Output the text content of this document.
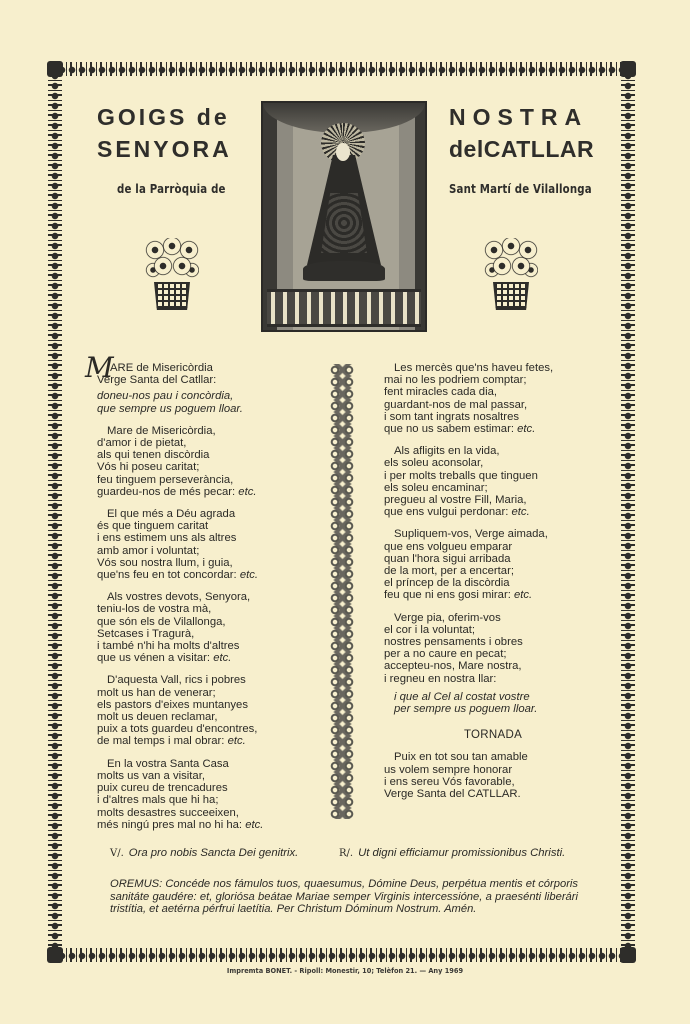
GOIGS de
SENYORA
NOSTRA
delCATLLAR
de la Parròquia de	Sant Martí de Vilallonga
M
ARE de Misericòrdia
Verge Santa del Catllar:
doneu-nos pau i concòrdia,
que sempre us poguem lloar.
Mare de Misericòrdia,
d'amor i de pietat,
als qui tenen discòrdia
Vós hi poseu caritat;
feu tinguem perseverància,
guardeu-nos de més pecar: etc.
El que més a Déu agrada
és que tinguem caritat
i ens estimem uns als altres
amb amor i voluntat;
Vós sou nostra llum, i guia,
que'ns feu en tot concordar: etc.
Als vostres devots, Senyora,
teniu-los de vostra mà,
que són els de Vilallonga,
Setcases i Tragurà,
i també n'hi ha molts d'altres
que us vénen a visitar: etc.
D'aquesta Vall, rics i pobres
molt us han de venerar;
els pastors d'eixes muntanyes
molt us deuen reclamar,
puix a tots guardeu d'encontres,
de mal temps i mal obrar: etc.
En la vostra Santa Casa
molts us van a visitar,
puix cureu de trencadures
i d'altres mals que hi ha;
molts desastres succeeixen,
més ningú pres mal no hi ha: etc.
Les mercès que'ns haveu fetes,
mai no les podriem comptar;
fent miracles cada dia,
guardant-nos de mal passar,
i som tant ingrats nosaltres
que no us sabem estimar: etc.
Als afligits en la vida,
els soleu aconsolar,
i per molts treballs que tinguen
els soleu encaminar;
pregueu al vostre Fill, Maria,
que ens vulgui perdonar: etc.
Supliquem-vos, Verge aimada,
que ens volgueu emparar
quan l'hora sigui arribada
de la mort, per a encertar;
el príncep de la discòrdia
feu que ni ens gosi mirar: etc.
Verge pia, oferim-vos
el cor i la voluntat;
nostres pensaments i obres
per a no caure en pecat;
accepteu-nos, Mare nostra,
i regneu en nostra llar:
i que al Cel al costat vostre
per sempre us poguem lloar.
TORNADA
Puix en tot sou tan amable
us volem sempre honorar
i ens sereu Vós favorable,
Verge Santa del CATLLAR.
V/. Ora pro nobis Sancta Dei genitrix.	R/. Ut digni efficiamur promissionibus Christi.
OREMUS: Concéde nos fámulos tuos, quaesumus, Dómine Deus, perpétua mentis et córporis sanitáte gaudére: et, gloriósa beátae Mariae semper Virginis intercessióne, a praesénti liberári tristítia, et aetérna pérfrui laetítia. Per Christum Dóminum Nostrum. Amén.
Impremta BONET. - Ripoll: Monestir, 10; Telèfon 21. — Any 1969
